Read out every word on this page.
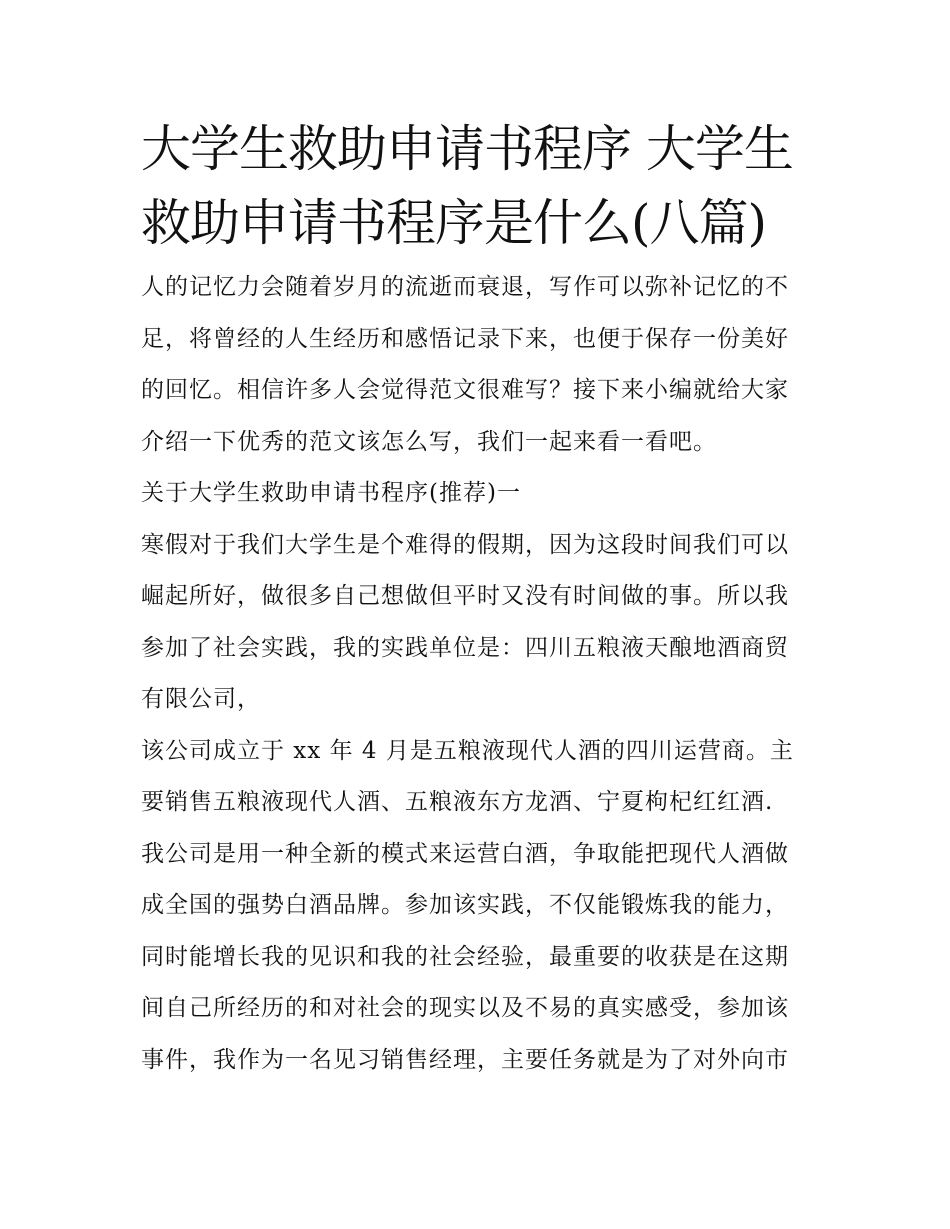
大学生救助申请书程序 大学生
救助申请书程序是什么(八篇)
人的记忆力会随着岁月的流逝而衰退，写作可以弥补记忆的不
足，将曾经的人生经历和感悟记录下来，也便于保存一份美好
的回忆。相信许多人会觉得范文很难写？接下来小编就给大家
介绍一下优秀的范文该怎么写，我们一起来看一看吧。
关于大学生救助申请书程序(推荐)一
寒假对于我们大学生是个难得的假期，因为这段时间我们可以
崛起所好，做很多自己想做但平时又没有时间做的事。所以我
参加了社会实践，我的实践单位是：四川五粮液天酿地酒商贸
有限公司，
该公司成立于 xx 年 4 月是五粮液现代人酒的四川运营商。主
要销售五粮液现代人酒、五粮液东方龙酒、宁夏枸杞红红酒.
我公司是用一种全新的模式来运营白酒，争取能把现代人酒做
成全国的强势白酒品牌。参加该实践，不仅能锻炼我的能力，
同时能增长我的见识和我的社会经验，最重要的收获是在这期
间自己所经历的和对社会的现实以及不易的真实感受，参加该
事件，我作为一名见习销售经理，主要任务就是为了对外向市
